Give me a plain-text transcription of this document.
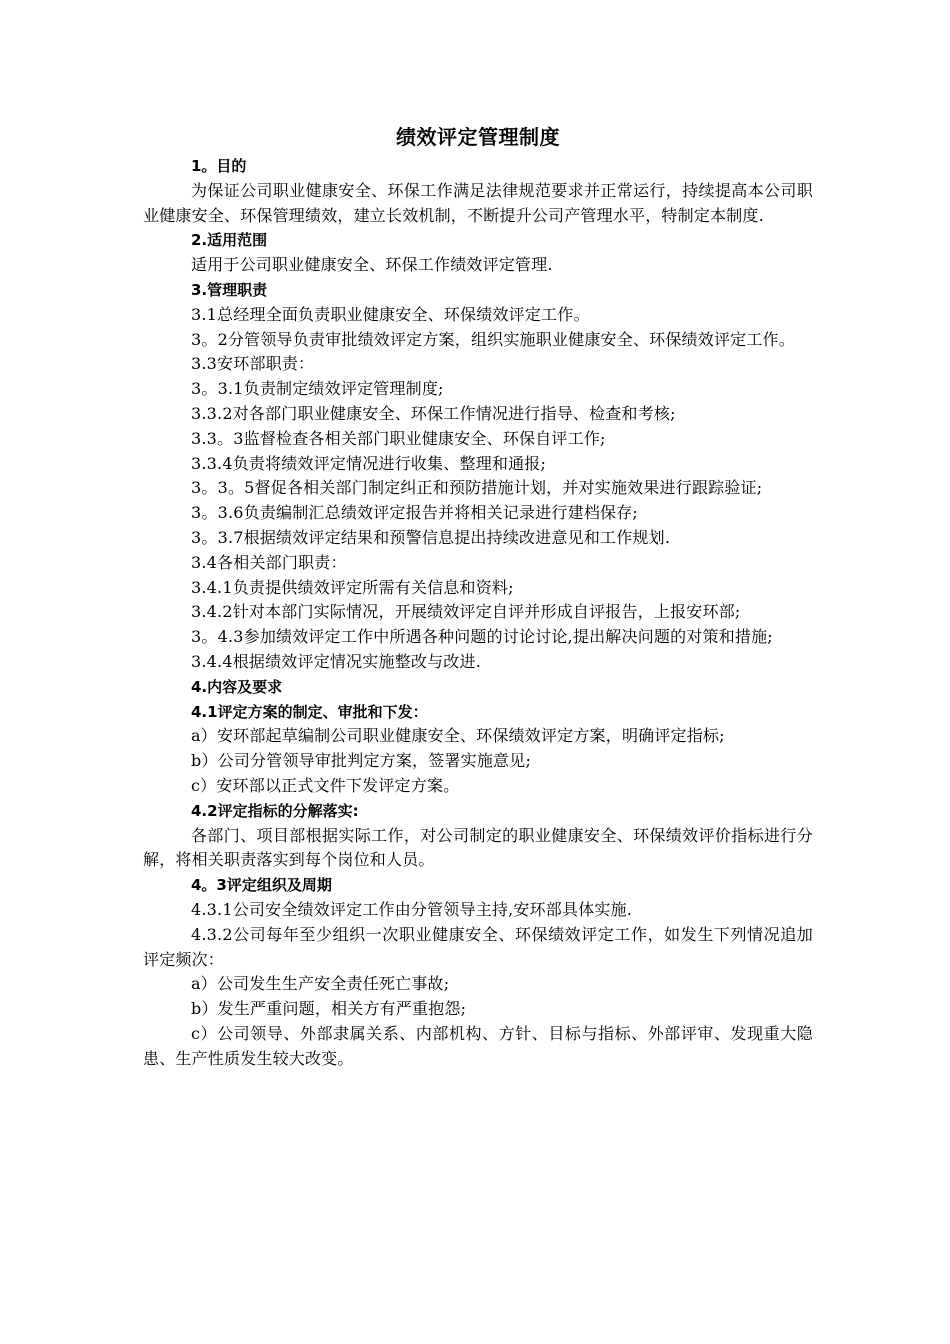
绩效评定管理制度
1。目的
为保证公司职业健康安全、环保工作满足法律规范要求并正常运行，持续提高本公司职业健康安全、环保管理绩效，建立长效机制，不断提升公司产管理水平，特制定本制度.
2.适用范围
适用于公司职业健康安全、环保工作绩效评定管理.
3.管理职责
3.1总经理全面负责职业健康安全、环保绩效评定工作。
3。2分管领导负责审批绩效评定方案，组织实施职业健康安全、环保绩效评定工作。
3.3安环部职责：
3。3.1负责制定绩效评定管理制度;
3.3.2对各部门职业健康安全、环保工作情况进行指导、检查和考核;
3.3。3监督检查各相关部门职业健康安全、环保自评工作;
3.3.4负责将绩效评定情况进行收集、整理和通报;
3。3。5督促各相关部门制定纠正和预防措施计划，并对实施效果进行跟踪验证;
3。3.6负责编制汇总绩效评定报告并将相关记录进行建档保存;
3。3.7根据绩效评定结果和预警信息提出持续改进意见和工作规划.
3.4各相关部门职责：
3.4.1负责提供绩效评定所需有关信息和资料;
3.4.2针对本部门实际情况，开展绩效评定自评并形成自评报告，上报安环部;
3。4.3参加绩效评定工作中所遇各种问题的讨论讨论,提出解决问题的对策和措施;
3.4.4根据绩效评定情况实施整改与改进.
4.内容及要求
4.1评定方案的制定、审批和下发：
a）安环部起草编制公司职业健康安全、环保绩效评定方案，明确评定指标;
b）公司分管领导审批判定方案，签署实施意见;
c）安环部以正式文件下发评定方案。
4.2评定指标的分解落实:
各部门、项目部根据实际工作，对公司制定的职业健康安全、环保绩效评价指标进行分解，将相关职责落实到每个岗位和人员。
4。3评定组织及周期
4.3.1公司安全绩效评定工作由分管领导主持,安环部具体实施.
4.3.2公司每年至少组织一次职业健康安全、环保绩效评定工作，如发生下列情况追加评定频次：
a）公司发生生产安全责任死亡事故;
b）发生严重问题，相关方有严重抱怨;
c）公司领导、外部隶属关系、内部机构、方针、目标与指标、外部评审、发现重大隐患、生产性质发生较大改变。
